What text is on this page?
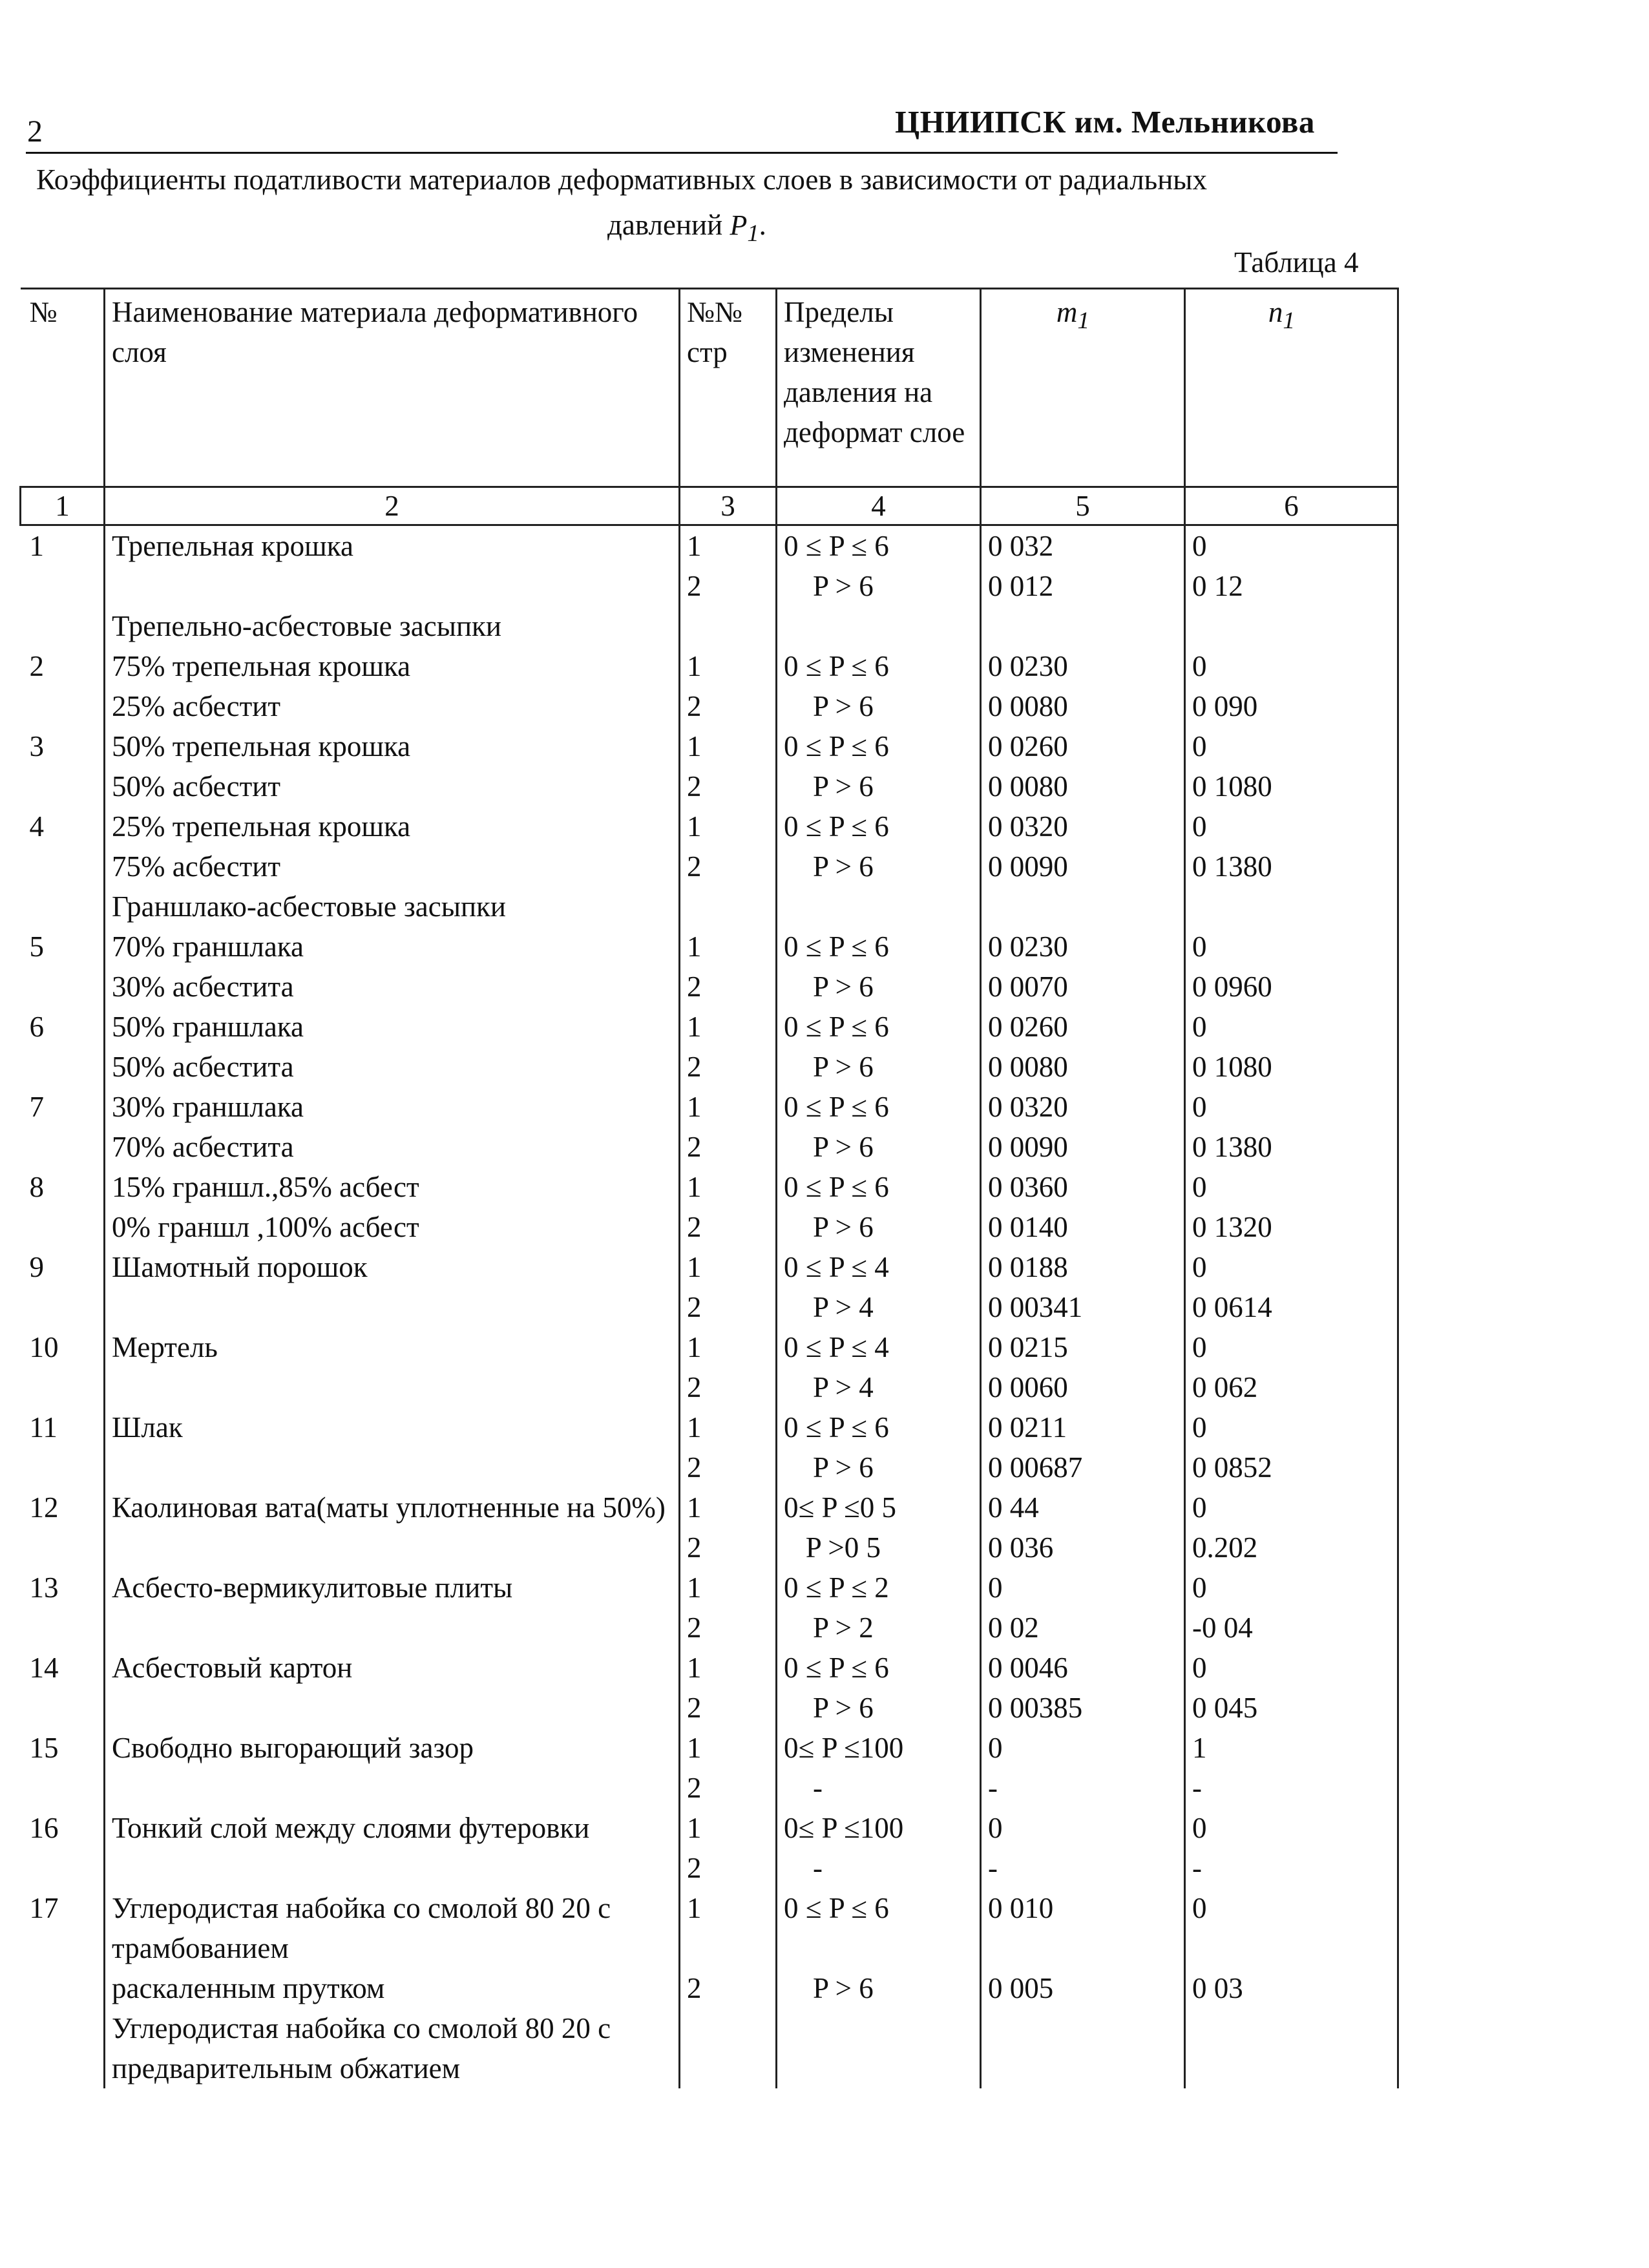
2	ЦНИИПСК им. Мельникова
Коэффициенты податливости материалов деформативных слоев в зависимости от радиальных
давлений $P_1$.
Таблица 4
№	Наименование материала деформативного слоя	№№ стр	Пределы изменения давления на деформат слое	$m_1$	$n_1$

1	2	3	4	5	6
1	Трепельная крошка	1	0 ≤ P ≤ 6	0 032	0
		2	P > 6	0 012	0 12
	Трепельно-асбестовые засыпки				

2	75% трепельная крошка	1	0 ≤ P ≤ 6	0 0230	0
	25% асбестит	2	P > 6	0 0080	0 090
3	50% трепельная крошка	1	0 ≤ P ≤ 6	0 0260	0
	50% асбестит	2	P > 6	0 0080	0 1080
4	25% трепельная крошка	1	0 ≤ P ≤ 6	0 0320	0
	75% асбестит	2	P > 6	0 0090	0 1380
	Граншлако-асбестовые засыпки				
5	70% граншлака	1	0 ≤ P ≤ 6	0 0230	0
	30% асбестита	2	P > 6	0 0070	0 0960
6	50% граншлака	1	0 ≤ P ≤ 6	0 0260	0
	50% асбестита	2	P > 6	0 0080	0 1080
7	30% граншлака	1	0 ≤ P ≤ 6	0 0320	0
	70% асбестита	2	P > 6	0 0090	0 1380
8	15% граншл.,85% асбест	1	0 ≤ P ≤ 6	0 0360	0
	0% граншл ,100% асбест	2	P > 6	0 0140	0 1320
9	Шамотный порошок	1	0 ≤ P ≤ 4	0 0188	0
		2	P > 4	0 00341	0 0614
10	Мертель	1	0 ≤ P ≤ 4	0 0215	0
		2	P > 4	0 0060	0 062
11	Шлак	1	0 ≤ P ≤ 6	0 0211	0
		2	P > 6	0 00687	0 0852
12	Каолиновая вата(маты уплотненные на 50%)	1	0≤ P ≤0 5	0 44	0
		2	P >0 5	0 036	0.202
13	Асбесто-вермикулитовые плиты	1	0 ≤ P ≤ 2	0	0
		2	P > 2	0 02	-0 04
14	Асбестовый картон	1	0 ≤ P ≤ 6	0 0046	0
		2	P > 6	0 00385	0 045
15	Свободно выгорающий зазор	1	0≤ P ≤100	0	1
		2	-	-	-
16	Тонкий слой между слоями футеровки	1	0≤ P ≤100	0	0
		2	-	-	-
17	Углеродистая набойка со смолой 80 20 с трамбованием	1	0 ≤ P ≤ 6	0 010	0
	раскаленным прутком	2	P > 6	0 005	0 03
	Углеродистая набойка со смолой 80 20 с предварительным обжатием				
